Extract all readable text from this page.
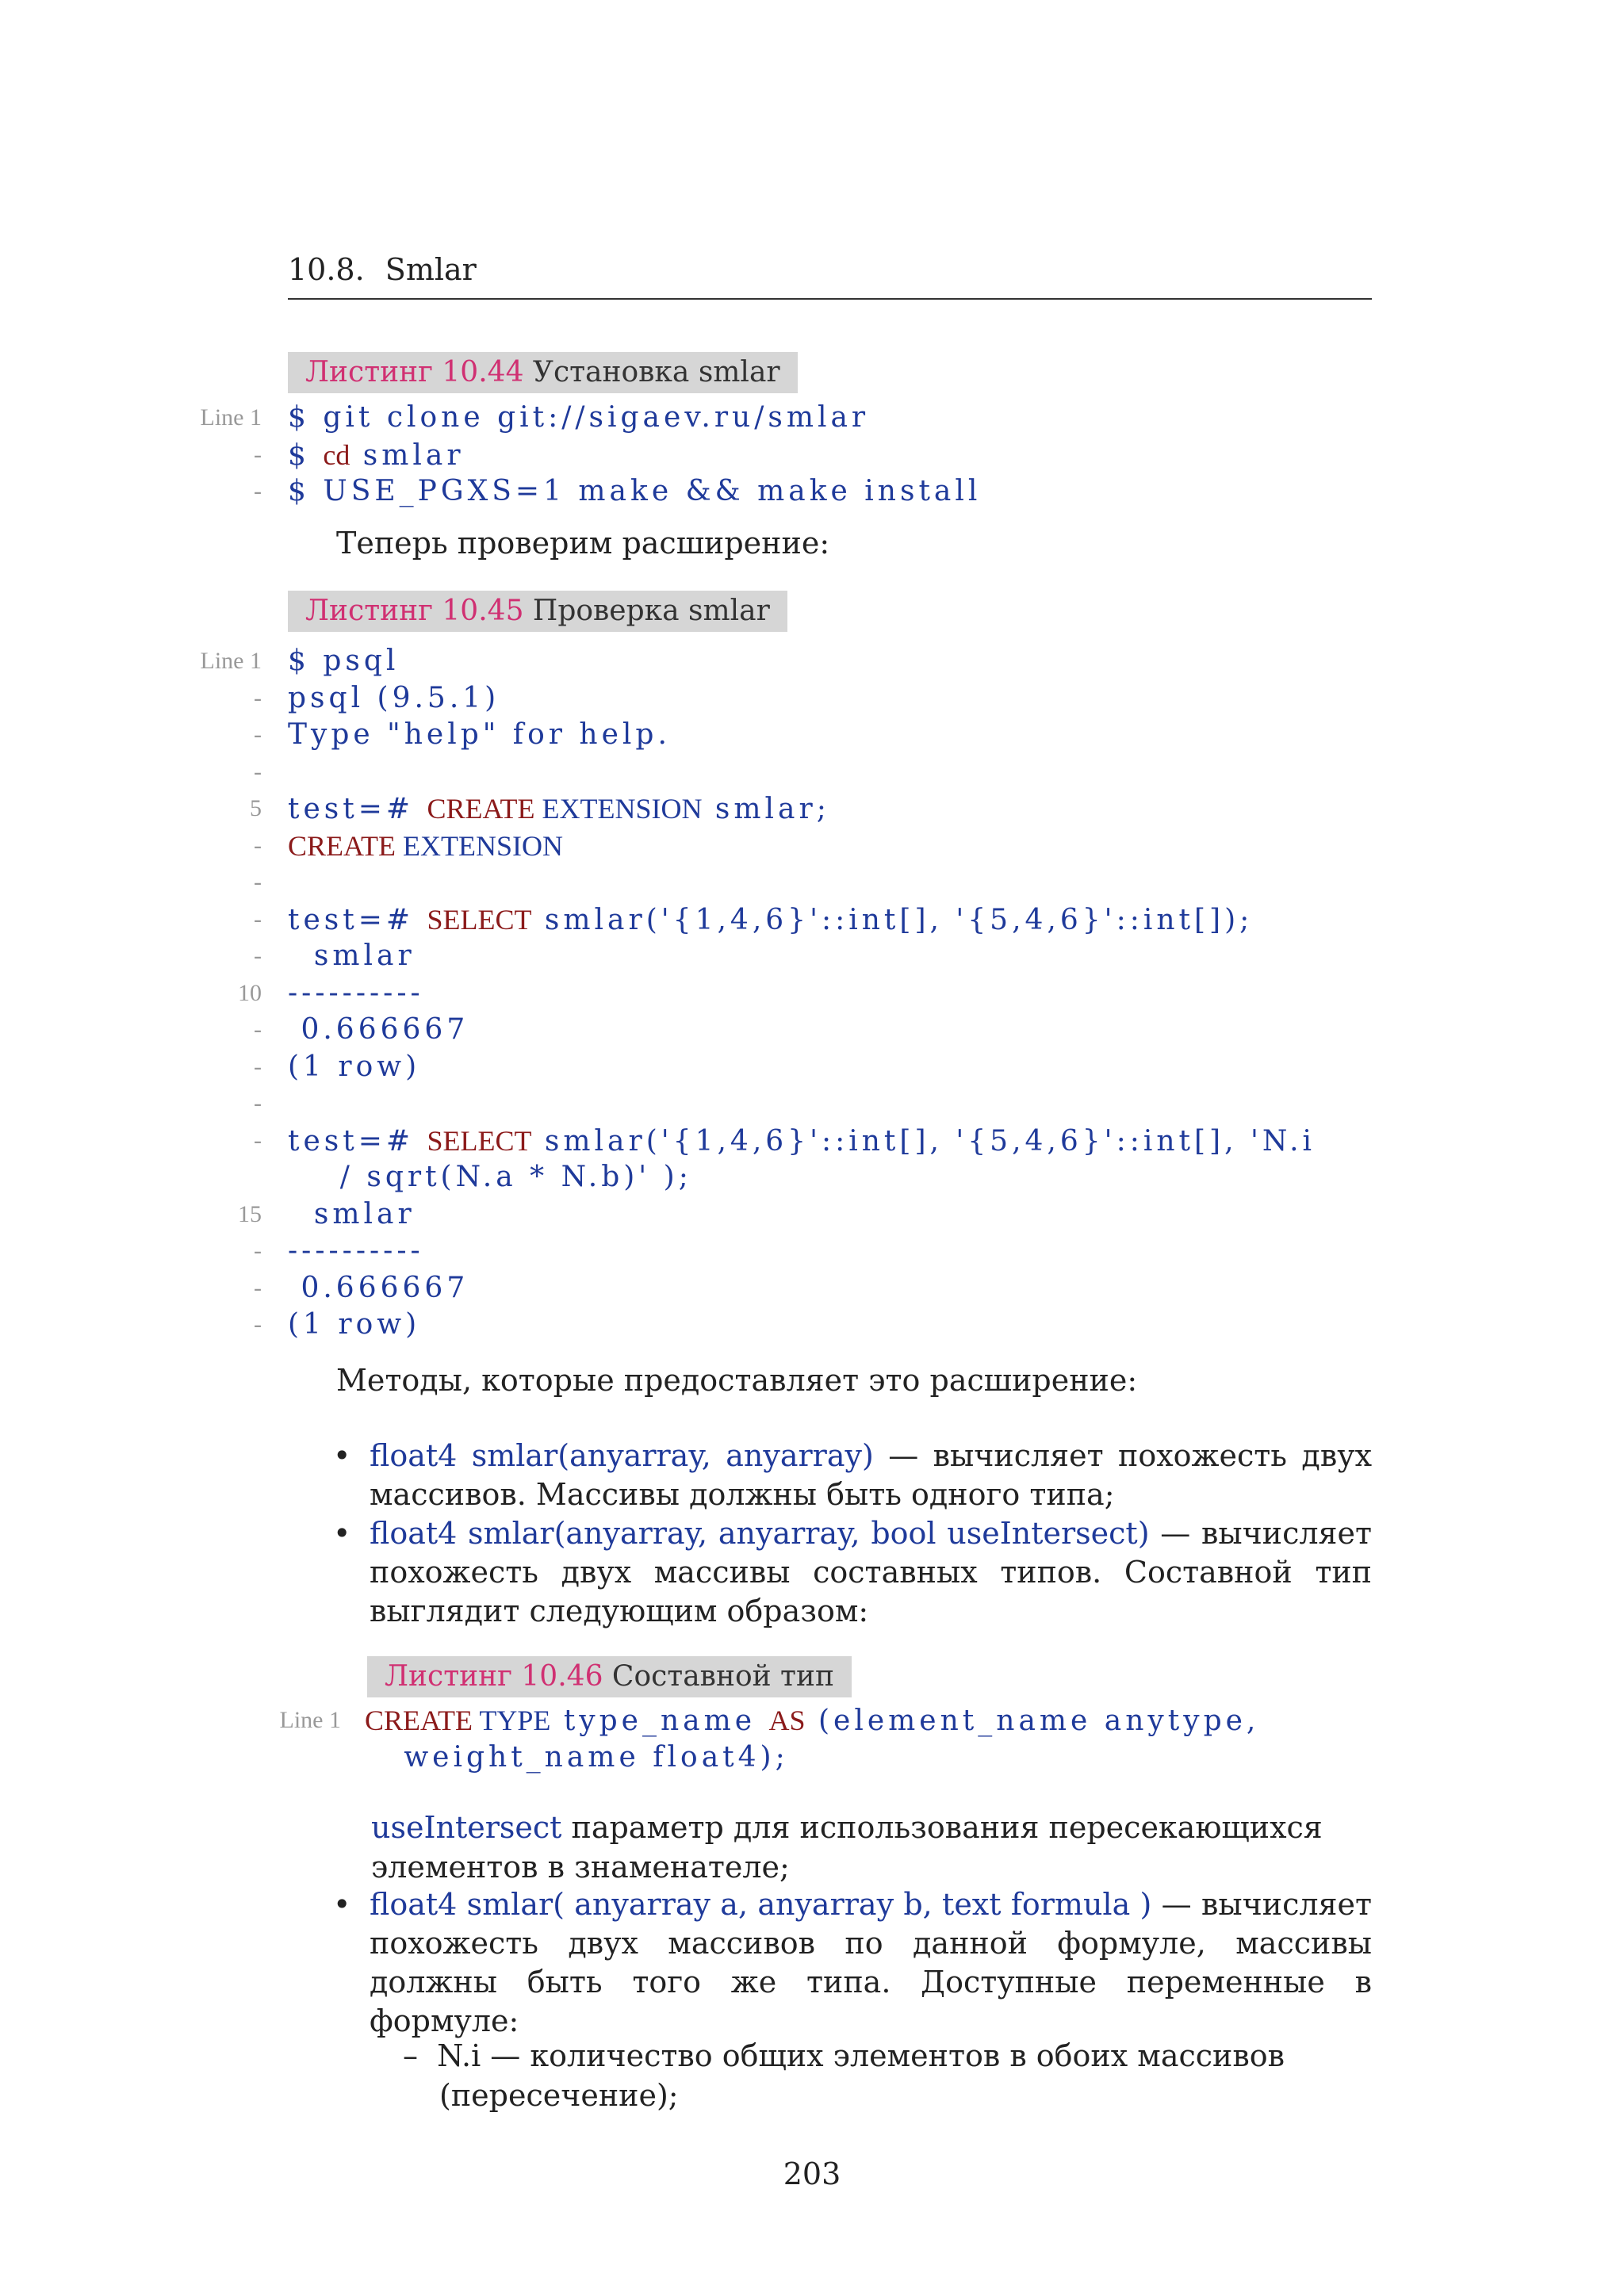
10.8. Smlar
Листинг 10.44 Установка smlar
Line 1 $ git clone git://sigaev.ru/smlar
- $ cd smlar
- $ USE_PGXS=1 make && make install
Теперь проверим расширение:
Листинг 10.45 Проверка smlar
Line 1 $ psql
- psql (9.5.1)
- Type "help" for help.
-
5 test=# CREATE EXTENSION smlar;
- CREATE EXTENSION
-
- test=# SELECT smlar('{1,4,6}'::int[], '{5,4,6}'::int[]);
- smlar
10 ----------
- 0.666667
- (1 row)
-
- test=# SELECT smlar('{1,4,6}'::int[], '{5,4,6}'::int[], 'N.i
/ sqrt(N.a * N.b)' );
15 smlar
- ----------
- 0.666667
- (1 row)
Методы, которые предоставляет это расширение:

• float4 smlar(anyarray, anyarray) — вычисляет похожесть двух массивов. Массивы должны быть одного типа;

• float4 smlar(anyarray, anyarray, bool useIntersect) — вычисляет похожесть двух массивы составных типов. Составной тип выглядит следующим образом:

Листинг 10.46 Составной тип
Line 1 CREATE TYPE type_name AS (element_name anytype,
weight_name float4);
useIntersect параметр для использования пересекающихся элементов в знаменателе;

• float4 smlar( anyarray a, anyarray b, text formula ) — вычисляет похожесть двух массивов по данной формуле, массивы должны быть того же типа. Доступные переменные в формуле:

– N.i — количество общих элементов в обоих массивов (пересечение);
203
